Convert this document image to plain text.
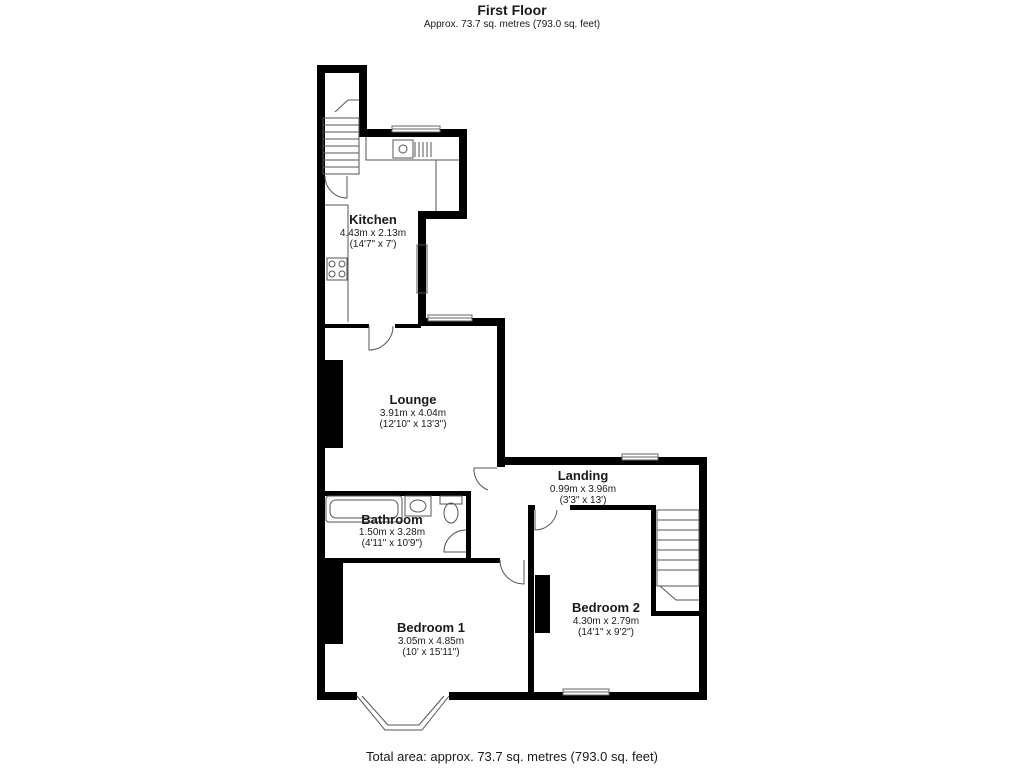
First Floor
Approx. 73.7 sq. metres (793.0 sq. feet)
Kitchen
4.43m x 2.13m
(14'7" x 7')
Lounge
3.91m x 4.04m
(12'10" x 13'3")
Landing
0.99m x 3.96m
(3'3" x 13')
Bathroom
1.50m x 3.28m
(4'11" x 10'9")
Bedroom 1
3.05m x 4.85m
(10' x 15'11")
Bedroom 2
4.30m x 2.79m
(14'1" x 9'2")
Total area: approx. 73.7 sq. metres (793.0 sq. feet)
